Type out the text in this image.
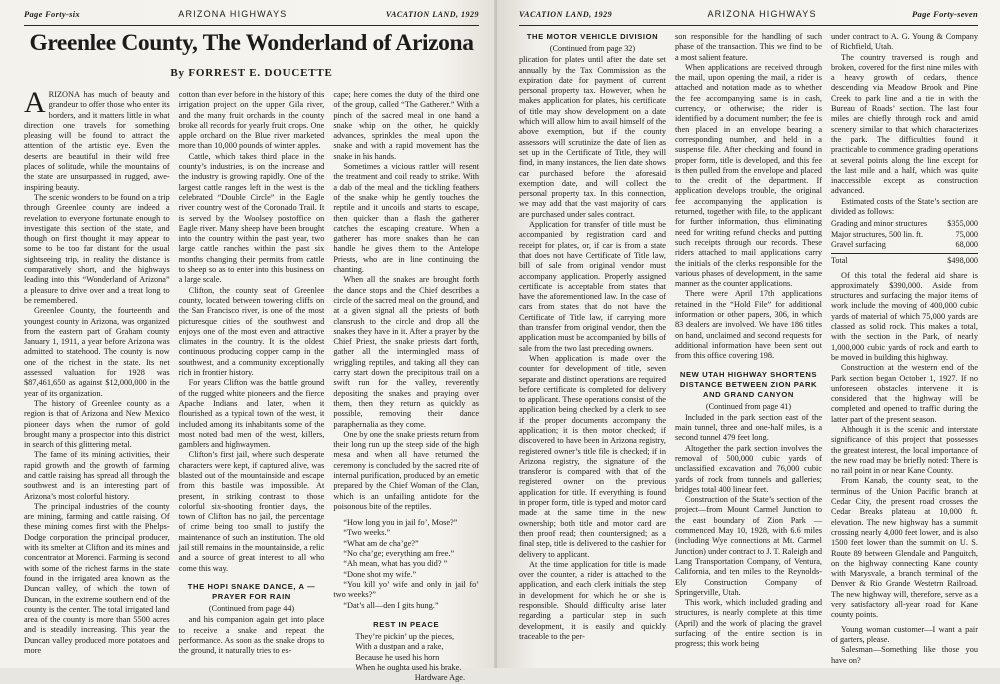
Page Forty-six	ARIZONA HIGHWAYS	VACATION LAND, 1929
Greenlee County, The Wonderland of Arizona
By FORREST E. DOUCETTE

ARIZONA has much of beauty and grandeur to offer those who enter its borders, and it matters little in what direction one travels for something pleasing will be found to attract the attention of the artistic eye. Even the deserts are beautiful in their wild free places of solitude, while the mountains of the state are unsurpassed in rugged, awe-inspiring beauty.

The scenic wonders to be found on a trip through Greenlee county are indeed a revelation to everyone fortunate enough to investigate this section of the state, and though on first thought it may appear to some to be too far distant for the usual sightseeing trip, in reality the distance is comparatively short, and the highways leading into this “Wonderland of Arizona” a pleasure to drive over and a treat long to be remembered.

Greenlee County, the fourteenth and youngest county in Arizona, was organized from the eastern part of Graham county January 1, 1911, a year before Arizona was admitted to statehood. The county is now one of the richest in the state. Its net assessed valuation for 1928 was $87,461,650 as against $12,000,000 in the year of its organization.

The history of Greenlee county as a region is that of Arizona and New Mexico pioneer days when the rumor of gold brought many a prospector into this district in search of this glittering metal.

The fame of its mining activities, their rapid growth and the growth of farming and cattle raising has spread all through the southwest and is an interesting part of Arizona’s most colorful history.

The principal industries of the county are mining, farming and cattle raising. Of these mining comes first with the Phelps-Dodge corporation the principal producer, with its smelter at Clifton and its mines and concentrator at Morenci. Farming is second with some of the richest farms in the state found in the irrigated area known as the Duncan valley, of which the town of Duncan, in the extreme southern end of the county is the center. The total irrigated land area of the county is more than 5500 acres and is steadily increasing. This year the Duncan valley produced more potatoes and more

cotton than ever before in the history of this irrigation project on the upper Gila river, and the many fruit orchards in the county broke all records for yearly fruit crops. One apple orchard on the Blue river marketed more than 10,000 pounds of winter apples.

Cattle, which takes third place in the county’s industries, is on the increase and the industry is growing rapidly. One of the largest cattle ranges left in the west is the celebrated “Double Circle” in the Eagle river country west of the Coronado Trail. It is served by the Woolsey postoffice on Eagle river. Many sheep have been brought into the country within the past year, two large cattle ranches within the past six months changing their permits from cattle to sheep so as to enter into this business on a large scale.

Clifton, the county seat of Greenlee county, located between towering cliffs on the San Francisco river, is one of the most picturesque cities of the southwest and enjoys one of the most even and attractive climates in the country. It is the oldest continuous producing copper camp in the southwest, and a community exceptionally rich in frontier history.

For years Clifton was the battle ground of the rugged white pioneers and the fierce Apache Indians and later, when it flourished as a typical town of the west, it included among its inhabitants some of the most noted bad men of the west, killers, gamblers and highwaymen.

Clifton’s first jail, where such desperate characters were kept, if captured alive, was blasted out of the mountainside and escape from this bastile was impossible. At present, in striking contrast to those colorful six-shooting frontier days, the town of Clifton has no jail, the percentage of crime being too small to justify the maintenance of such an institution. The old jail still remains in the mountainside, a relic and a source of great interest to all who come this way.

THE HOPI SNAKE DANCE, A — PRAYER FOR RAIN
(Continued from page 44)

and his companion again get into place to receive a snake and repeat the performance. As soon as the snake drops to the ground, it naturally tries to es-

cape; here comes the duty of the third one of the group, called “The Gatherer.” With a pinch of the sacred meal in one hand a snake whip on the other, he quickly advances, sprinkles the meal upon the snake and with a rapid movement has the snake in his hands.

Sometimes a vicious rattler will resent the treatment and coil ready to strike. With a dab of the meal and the tickling feathers of the snake whip he gently touches the reptile and it uncoils and starts to escape, then quicker than a flash the gatherer catches the escaping creature. When a gatherer has more snakes than he can handle he gives them to the Antelope Priests, who are in line continuing the chanting.

When all the snakes are brought forth the dance stops and the Chief describes a circle of the sacred meal on the ground, and at a given signal all the priests of both clansrush to the circle and drop all the snakes they have in it. After a prayer by the Chief Priest, the snake priests dart forth, gather all the intermingled mass of wriggling reptiles, and taking all they can carry start down the precipitous trail on a swift run for the valley, reverently depositing the snakes and praying over them, then they return as quickly as possible, removing their dance paraphernalia as they come.

One by one the snake priests return from their long run up the steep side of the high mesa and when all have returned the ceremony is concluded by the sacred rite of internal purification, produced by an emetic prepared by the Chief Woman of the Clan, which is an unfailing antidote for the poisonous bite of the reptiles.

“How long you in jail fo’, Mose?”

“Two weeks.”

“What am de cha’ge?”

“No cha’ge; everything am free.”

“Ah mean, what has you did? ”

“Done shot my wife.”

“You kill yo’ wife and only in jail fo’ two weeks?”

“Dat’s all—den I gits hung.”

REST IN PEACE
They’re pickin’ up the pieces,
With a dustpan and a rake,
Because he used his horn
When he oughta used his brake.
Hardware Age.
VACATION LAND, 1929	ARIZONA HIGHWAYS	Page Forty-seven
THE MOTOR VEHICLE DIVISION
(Continued from page 32)

plication for plates until after the date set annually by the Tax Commission as the expiration date for payment of current personal property tax. However, when he makes application for plates, his certificate of title may show development on a date which will allow him to avail himself of the above exemption, but if the county assessors will scrutinize the date of lien as set up in the Certificate of Title, they will find, in many instances, the lien date shows car purchased before the aforesaid exemption date, and will collect the personal property tax. In this connection, we may add that the vast majority of cars are purchased under sales contract.

Application for transfer of title must be accompanied by registration card and receipt for plates, or, if car is from a state that does not have Certificate of Title law, bill of sale from original vendor must accompany application. Properly assigned certificate is acceptable from states that have the aforementioned law. In the case of cars from states that do not have the Certificate of Title law, if carrying more than transfer from original vendor, then the application must be accompanied by bills of sale from the two last preceding owners.

When application is made over the counter for development of title, seven separate and distinct operations are required before certificate is completed for delivery to applicant. These operations consist of the application being checked by a clerk to see if the proper documents accompany the application; it is then motor checked; if discovered to have been in Arizona registry, registered owner’s title file is checked; if in Arizona registry, the signature of the transferor is compared with that of the registered owner on the previous application for title. If everything is found in proper form, title is typed and motor card made at the same time in the new ownership; both title and motor card are then proof read; then countersigned; as a final step, title is delivered to the cashier for delivery to applicant.

At the time application for title is made over the counter, a rider is attached to the application, and each clerk initials the step in development for which he or she is responsible. Should difficulty arise later regarding a particular step in such development, it is easily and quickly traceable to the per-

son responsible for the handling of such phase of the transaction. This we find to be a most salient feature.

When applications are received through the mail, upon opening the mail, a rider is attached and notation made as to whether the fee accompanying same is in cash, currency, or otherwise; the rider is identified by a document number; the fee is then placed in an envelope bearing a corresponding number, and held in a suspense file. After checking and found in proper form, title is developed, and this fee is then pulled from the envelope and placed to the credit of the department. If application develops trouble, the original fee accompanying the application is returned, together with file, to the applicant for further information, thus eliminating need for writing refund checks and putting such receipts through our records. These riders attached to mail applications carry the initials of the clerks responsible for the various phases of development, in the same manner as the counter applications.

There were April 17th applications retained in the “Hold File” for additional information or other papers, 306, in which 83 dealers are involved. We have 186 titles on hand, unclaimed and second requests for additional information have been sent out from this office covering 198.

NEW UTAH HIGHWAY SHORTENS DISTANCE BETWEEN ZION PARK AND GRAND CANYON
(Continued from page 41)

Included in the park section east of the main tunnel, three and one-half miles, is a second tunnel 479 feet long.

Altogether the park section involves the removal of 500,000 cubic yards of unclassified excavation and 76,000 cubic yards of rock from tunnels and galleries; bridges total 400 linear feet.

Construction of the State’s section of the project—from Mount Carmel Junction to the east boundary of Zion Park —commenced May 10, 1928, with 6.6 miles (including Wye connections at Mt. Carmel Junction) under contract to J. T. Raleigh and Lang Transportation Company, of Ventura, California, and ten miles to the Reynolds-Ely Construction Company of Springerville, Utah.

This work, which included grading and structures, is nearly complete at this time (April) and the work of placing the gravel surfacing of the entire section is in progress; this work being

under contract to A. G. Young & Company of Richfield, Utah.

The country traversed is rough and broken, covered for the first nine miles with a heavy growth of cedars, thence descending via Meadow Brook and Pine Creek to park line and a tie in with the Bureau of Roads’ section. The last four miles are chiefly through rock and amid scenery similar to that which characterizes the park. The difficulties found it practicable to commence grading operations at several points along the line except for the last mile and a half, which was quite inaccessible except as construction advanced.

Estimated costs of the State’s section are divided as follows:

Grading and minor structures $355,000
Major structures, 500 lin. ft.	75,000
Gravel surfacing	68,000
Total	$498,000

Of this total the federal aid share is approximately $390,000. Aside from structures and surfacing the major items of work include the moving of 400,000 cubic yards of material of which 75,000 yards are classed as solid rock. This makes a total, with the section in the Park, of nearly 1,000,000 cubic yards of rock and earth to be moved in building this highway.

Construction at the western end of the Park section began October 1, 1927. If no unforeseen obstacles intervene it is considered that the highway will be completed and opened to traffic during the latter part of the present season.

Although it is the scenic and interstate significance of this project that possesses the greatest interest, the local importance of the new road may be briefly noted: There is no rail point in or near Kane County.

From Kanab, the county seat, to the terminus of the Union Pacific branch at Cedar City, the present road crosses the Cedar Breaks plateau at 10,000 ft. elevation. The new highway has a summit crossing nearly 4,000 feet lower, and is also 1500 feet lower than the summit on U. S. Route 89 between Glendale and Panguitch, on the highway connecting Kane county with Marysvale, a branch terminal of the Denver & Rio Grande Westetrn Railroad. The new highway will, therefore, serve as a very satisfactory all-year road for Kane county points.

Young woman customer—I want a pair of garters, please.

Salesman—Something like those you have on?
